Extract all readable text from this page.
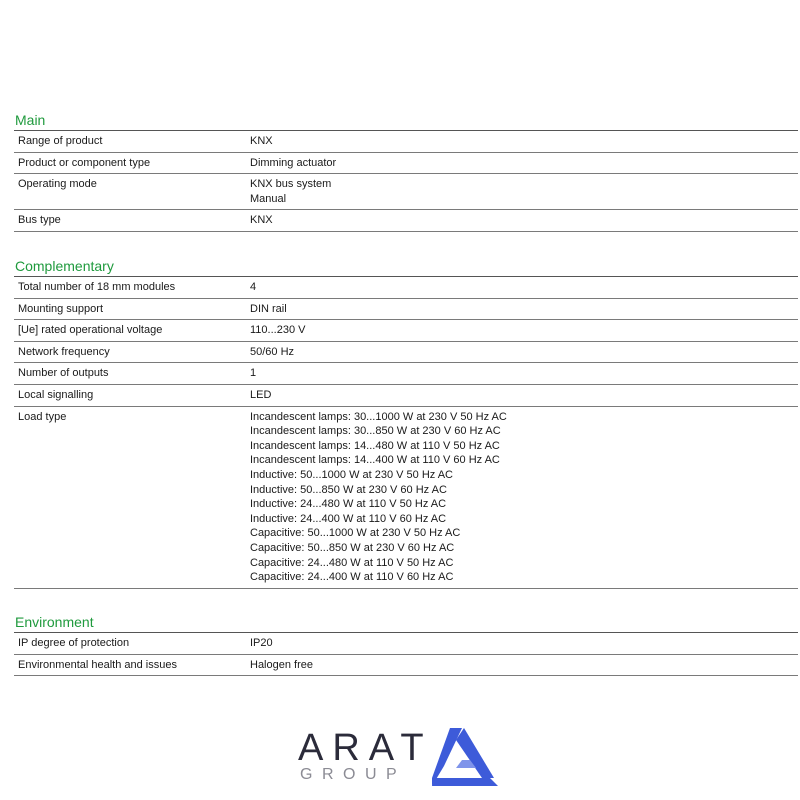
Main
Range of product	KNX
Product or component type	Dimming actuator
Operating mode	KNX bus system
Manual
Bus type	KNX
Complementary
Total number of 18 mm modules	4
Mounting support	DIN rail
[Ue] rated operational voltage	110...230 V
Network frequency	50/60 Hz
Number of outputs	1
Local signalling	LED
Load type	Incandescent lamps: 30...1000 W at 230 V 50 Hz AC
Incandescent lamps: 30...850 W at 230 V 60 Hz AC
Incandescent lamps: 14...480 W at 110 V 50 Hz AC
Incandescent lamps: 14...400 W at 110 V 60 Hz AC
Inductive: 50...1000 W at 230 V 50 Hz AC
Inductive: 50...850 W at 230 V 60 Hz AC
Inductive: 24...480 W at 110 V 50 Hz AC
Inductive: 24...400 W at 110 V 60 Hz AC
Capacitive: 50...1000 W at 230 V 50 Hz AC
Capacitive: 50...850 W at 230 V 60 Hz AC
Capacitive: 24...480 W at 110 V 50 Hz AC
Capacitive: 24...400 W at 110 V 60 Hz AC
Environment
IP degree of protection	IP20
Environmental health and issues	Halogen free
ARAT
GROUP
